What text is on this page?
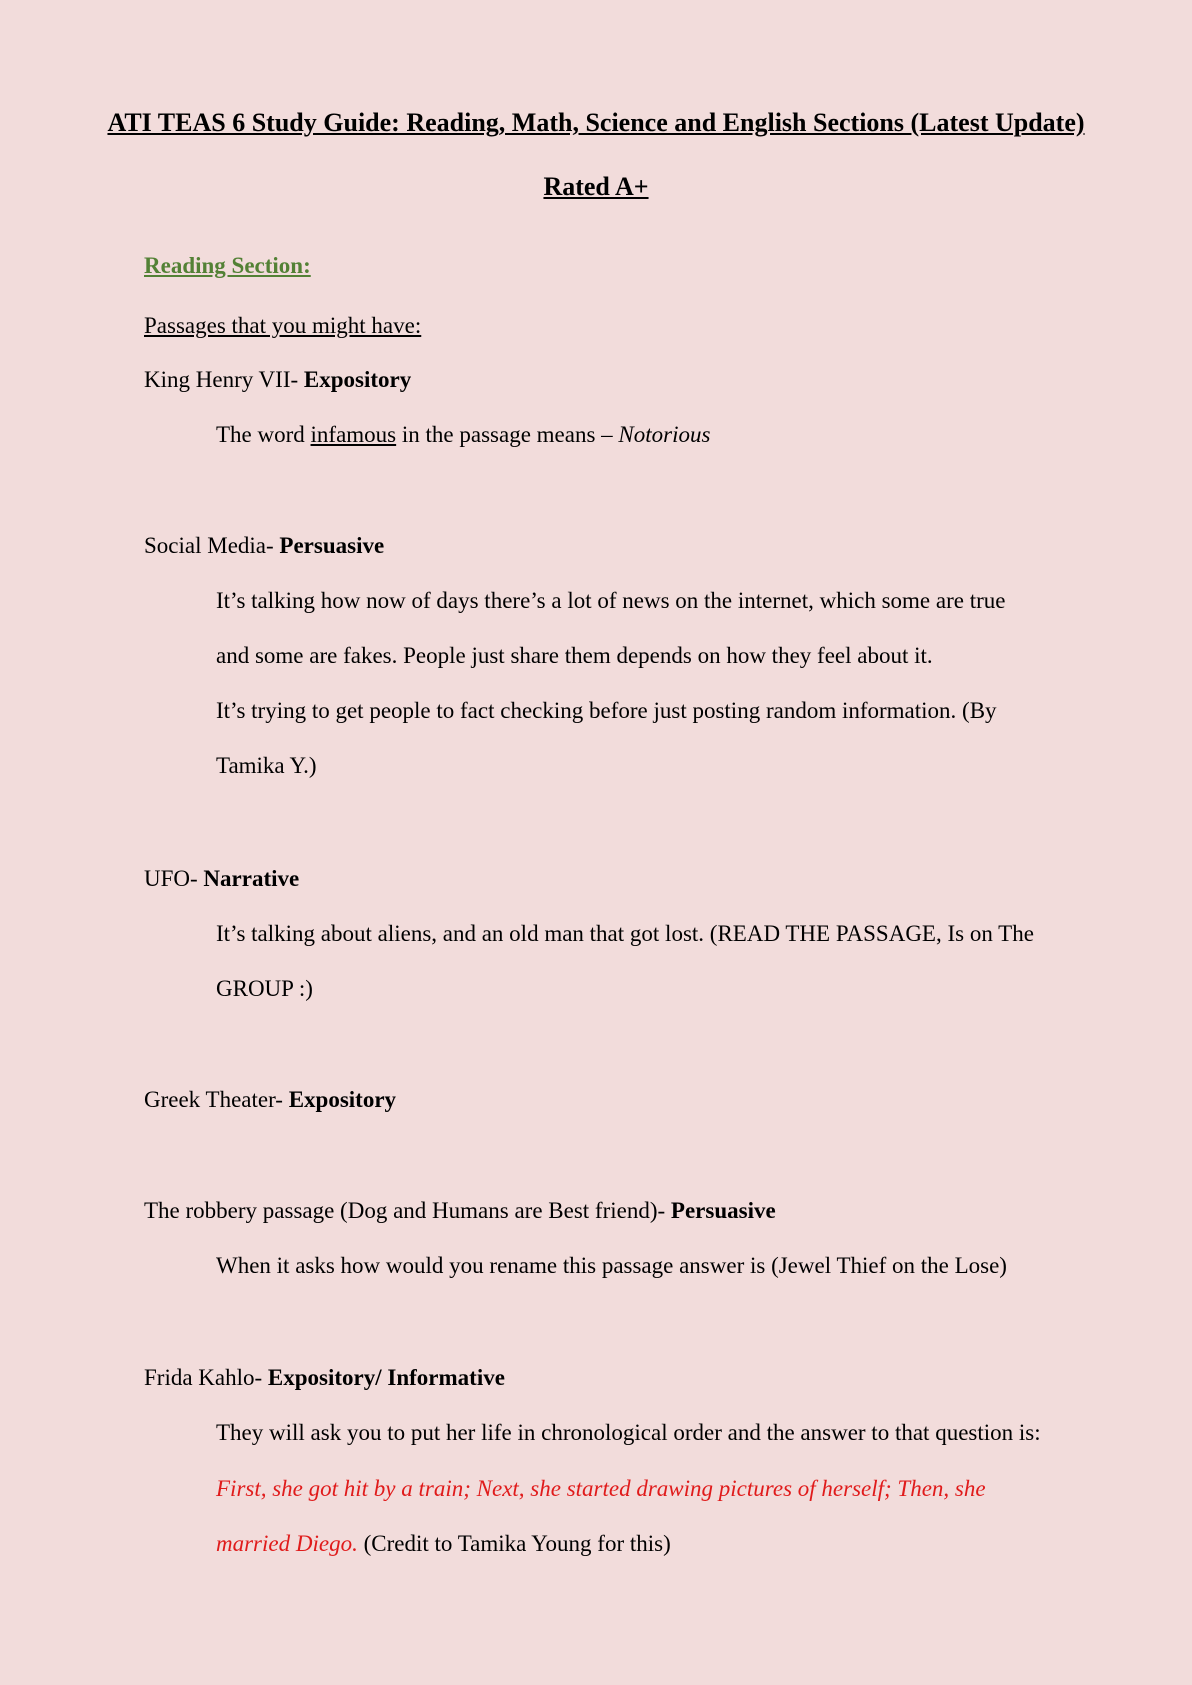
ATI TEAS 6 Study Guide: Reading, Math, Science and English Sections (Latest Update)
Rated A+
Reading Section:
Passages that you might have:
King Henry VII- Expository
The word infamous in the passage means – Notorious
Social Media- Persuasive
It’s talking how now of days there’s a lot of news on the internet, which some are true
and some are fakes. People just share them depends on how they feel about it.
It’s trying to get people to fact checking before just posting random information. (By
Tamika Y.)
UFO- Narrative
It’s talking about aliens, and an old man that got lost. (READ THE PASSAGE, Is on The
GROUP :)
Greek Theater- Expository
The robbery passage (Dog and Humans are Best friend)- Persuasive
When it asks how would you rename this passage answer is (Jewel Thief on the Lose)
Frida Kahlo- Expository/ Informative
They will ask you to put her life in chronological order and the answer to that question is:
First, she got hit by a train; Next, she started drawing pictures of herself; Then, she
married Diego. (Credit to Tamika Young for this)
